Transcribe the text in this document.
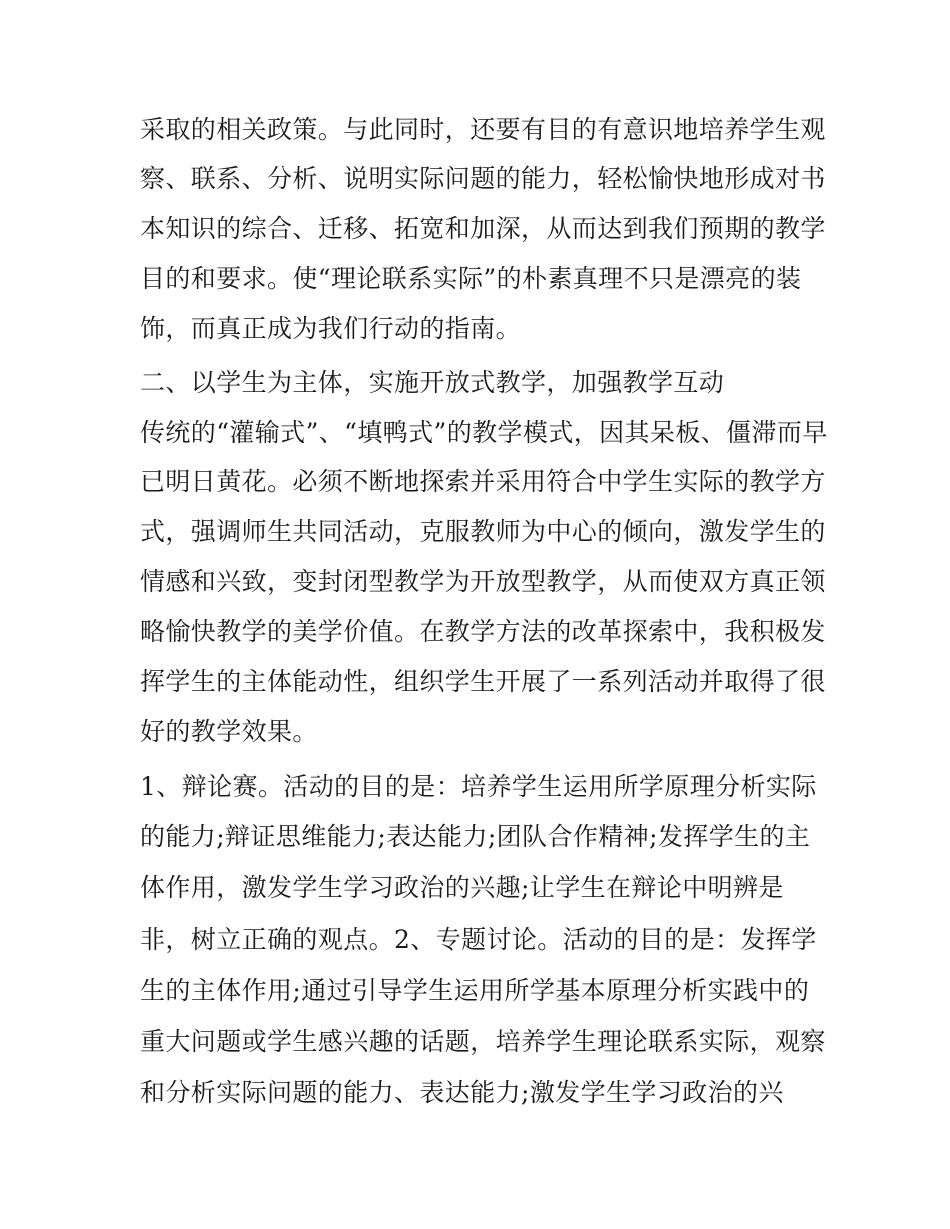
采取的相关政策。与此同时，还要有目的有意识地培养学生观
察、联系、分析、说明实际问题的能力，轻松愉快地形成对书
本知识的综合、迁移、拓宽和加深，从而达到我们预期的教学
目的和要求。使“理论联系实际”的朴素真理不只是漂亮的装
饰，而真正成为我们行动的指南。
二、以学生为主体，实施开放式教学，加强教学互动
传统的“灌输式”、“填鸭式”的教学模式，因其呆板、僵滞而早
已明日黄花。必须不断地探索并采用符合中学生实际的教学方
式，强调师生共同活动，克服教师为中心的倾向，激发学生的
情感和兴致，变封闭型教学为开放型教学，从而使双方真正领
略愉快教学的美学价值。在教学方法的改革探索中，我积极发
挥学生的主体能动性，组织学生开展了一系列活动并取得了很
好的教学效果。
1、辩论赛。活动的目的是：培养学生运用所学原理分析实际
的能力;辩证思维能力;表达能力;团队合作精神;发挥学生的主
体作用，激发学生学习政治的兴趣;让学生在辩论中明辨是
非，树立正确的观点。2、专题讨论。活动的目的是：发挥学
生的主体作用;通过引导学生运用所学基本原理分析实践中的
重大问题或学生感兴趣的话题，培养学生理论联系实际，观察
和分析实际问题的能力、表达能力;激发学生学习政治的兴
